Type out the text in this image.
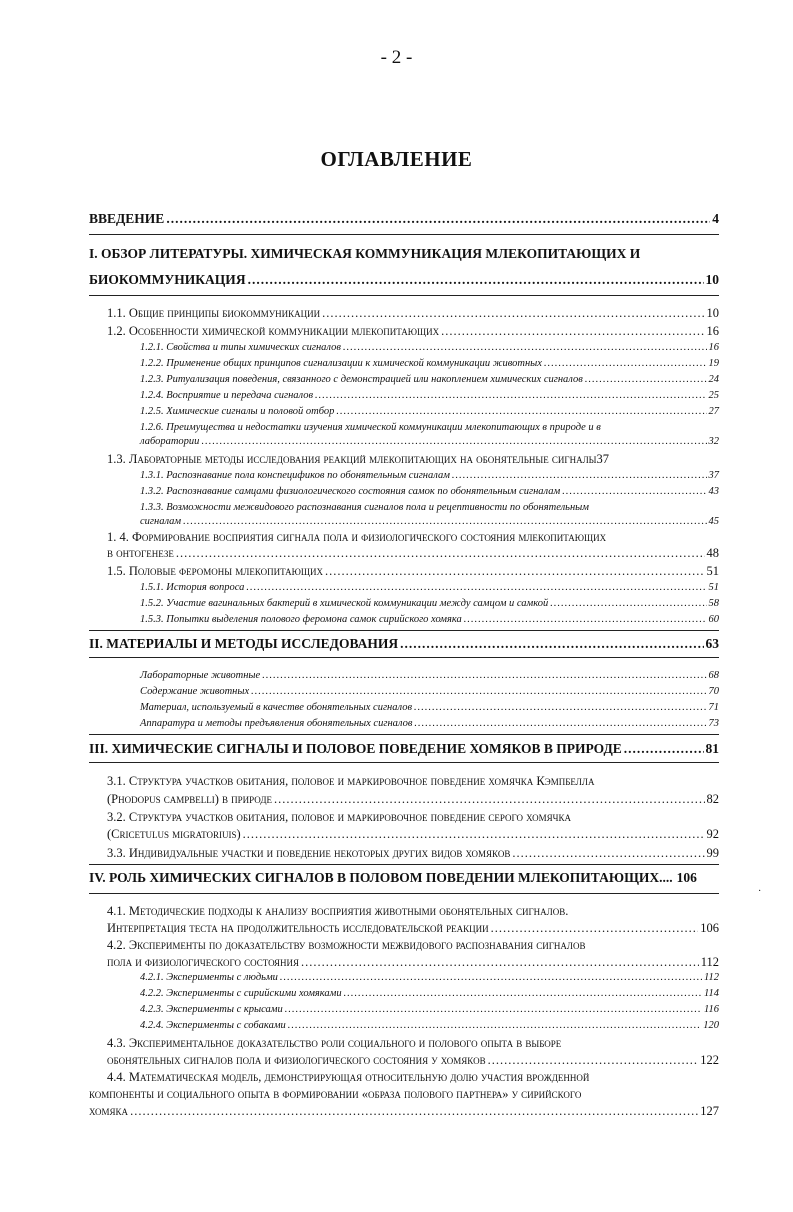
- 2 -
ОГЛАВЛЕНИЕ
ВВЕДЕНИЕ .....	4
I. ОБЗОР ЛИТЕРАТУРЫ. ХИМИЧЕСКАЯ КОММУНИКАЦИЯ МЛЕКОПИТАЮЩИХ И
БИОКОММУНИКАЦИЯ .....	10
1.1. Общие принципы биокоммуникации .....	10
1.2. Особенности химической коммуникации млекопитающих .....	16
1.2.1. Свойства и типы химических сигналов .....	16
1.2.2. Применение общих принципов сигнализации к химической коммуникации животных .....	19
1.2.3. Ритуализация поведения, связанного с демонстрацией или накоплением химических сигналов .....	24
1.2.4. Восприятие и передача сигналов .....	25
1.2.5. Химические сигналы и половой отбор .....	27
1.2.6. Преимущества и недостатки изучения химической коммуникации млекопитающих в природе и в
лаборатории .....	32
1.3. Лабораторные методы исследования реакций млекопитающих на обонятельные сигналы 37
1.3.1. Распознавание пола конспецификов по обонятельным сигналам .....	37
1.3.2. Распознавание самцами физиологического состояния самок по обонятельным сигналам .....	43
1.3.3. Возможности межвидового распознавания сигналов пола и рецептивности по обонятельным
сигналам .....	45
1. 4. Формирование восприятия сигнала пола и физиологического состояния млекопитающих
в онтогенезе .....	48
1.5. Половые феромоны млекопитающих .....	51
1.5.1. История вопроса .....	51
1.5.2. Участие вагинальных бактерий в химической коммуникации между самцом и самкой .....	58
1.5.3. Попытки выделения полового феромона самок сирийского хомяка .....	60
II. МАТЕРИАЛЫ И МЕТОДЫ ИССЛЕДОВАНИЯ .....	63
Лабораторные животные .....	68
Содержание животных .....	70
Материал, используемый в качестве обонятельных сигналов .....	71
Аппаратура и методы предъявления обонятельных сигналов .....	73
III. ХИМИЧЕСКИЕ СИГНАЛЫ И ПОЛОВОЕ ПОВЕДЕНИЕ ХОМЯКОВ В ПРИРОДЕ .....	81
3.1. Структура участков обитания, половое и маркировочное поведение хомячка Кэмпбелла
(Phodopus campbelli) в природе .....	82
3.2. Структура участков обитания, половое и маркировочное поведение серого хомячка
(Cricetulus migratoriuis) .....	92
3.3. Индивидуальные участки и поведение некоторых других видов хомяков .....	99
IV. РОЛЬ ХИМИЧЕСКИХ СИГНАЛОВ В ПОЛОВОМ ПОВЕДЕНИИ МЛЕКОПИТАЮЩИХ.... 106
·
4.1. Методические подходы к анализу восприятия животными обонятельных сигналов.
Интерпретация теста на продолжительность исследовательской реакции .....	106
4.2. Эксперименты по доказательству возможности межвидового распознавания сигналов
пола и физиологического состояния .....	112
4.2.1. Эксперименты с людьми .....	112
4.2.2. Эксперименты с сирийскими хомяками .....	114
4.2.3. Эксперименты с крысами .....	116
4.2.4. Эксперименты с собаками .....	120
4.3. Экспериментальное доказательство роли социального и полового опыта в выборе
обонятельных сигналов пола и физиологического состояния у хомяков .....	122
4.4. Математическая модель, демонстрирующая относительную долю участия врожденной
компоненты и социального опыта в формировании «образа полового партнера» у сирийского
хомяка .....	127
